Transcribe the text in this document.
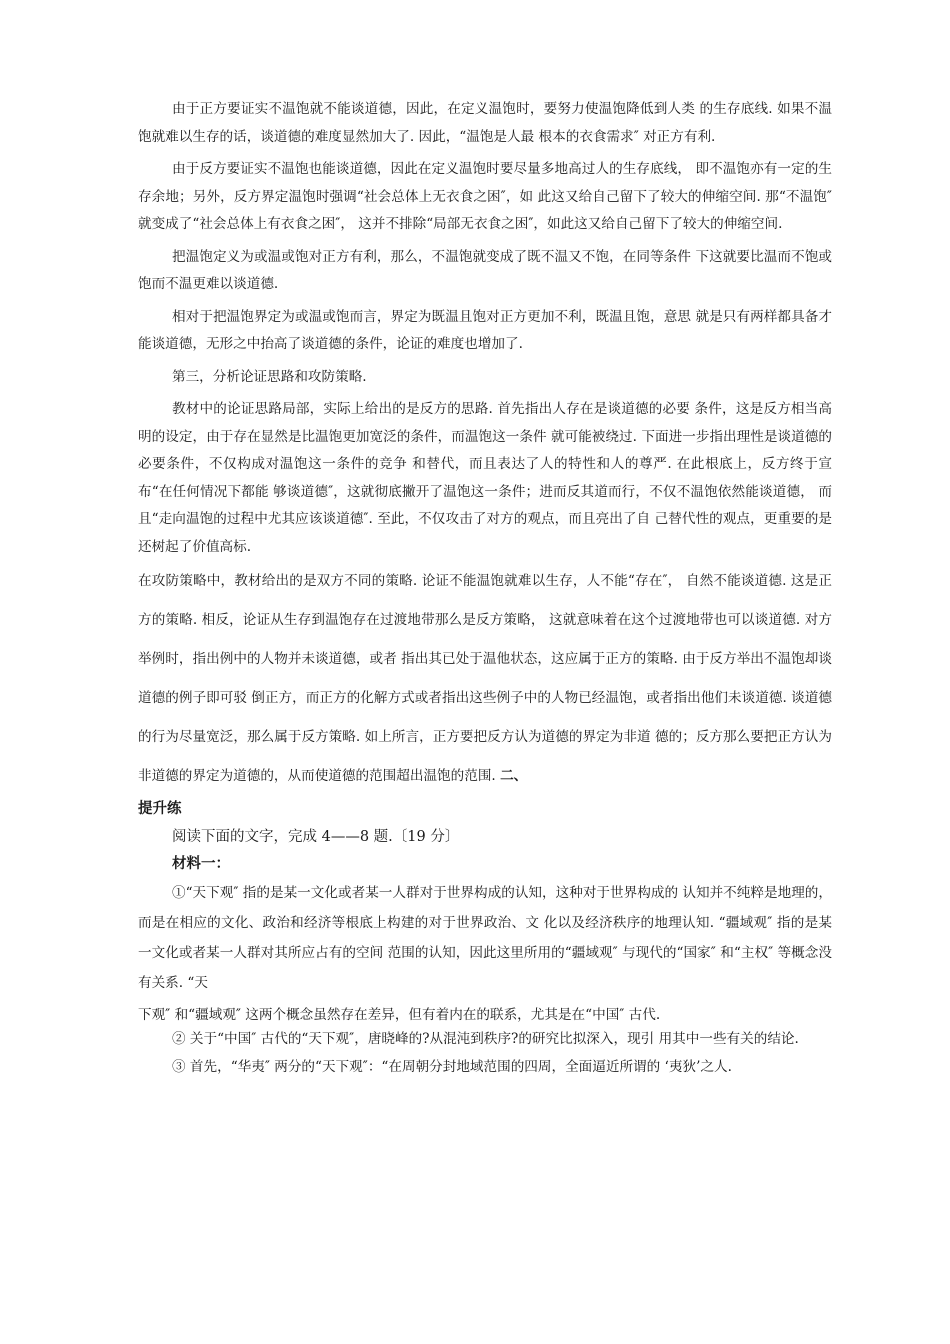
由于正方要证实不温饱就不能谈道德，因此，在定义温饱时，要努力使温饱降低到人类 的生存底线. 如果不温饱就难以生存的话，谈道德的难度显然加大了. 因此，“温饱是人最 根本的衣食需求″ 对正方有利.

由于反方要证实不温饱也能谈道德，因此在定义温饱时要尽量多地高过人的生存底线， 即不温饱亦有一定的生存余地；另外，反方界定温饱时强调“社会总体上无衣食之困″，如 此这又给自己留下了较大的伸缩空间. 那“不温饱″ 就变成了“社会总体上有衣食之困″， 这并不排除“局部无衣食之困″，如此这又给自己留下了较大的伸缩空间.

把温饱定义为或温或饱对正方有利，那么，不温饱就变成了既不温又不饱，在同等条件 下这就要比温而不饱或饱而不温更难以谈道德.

相对于把温饱界定为或温或饱而言，界定为既温且饱对正方更加不利，既温且饱，意思 就是只有两样都具备才能谈道德，无形之中抬高了谈道德的条件，论证的难度也增加了.

第三，分析论证思路和攻防策略.

教材中的论证思路局部，实际上给出的是反方的思路. 首先指出人存在是谈道德的必要 条件，这是反方相当高明的设定，由于存在显然是比温饱更加宽泛的条件，而温饱这一条件 就可能被绕过. 下面进一步指出理性是谈道德的必要条件，不仅构成对温饱这一条件的竞争 和替代，而且表达了人的特性和人的尊严. 在此根底上，反方终于宣布“在任何情况下都能 够谈道德″，这就彻底撇开了温饱这一条件；进而反其道而行，不仅不温饱依然能谈道德， 而且“走向温饱的过程中尤其应该谈道德″. 至此，不仅攻击了对方的观点，而且亮出了自 己替代性的观点，更重要的是还树起了价值高标.

在攻防策略中，教材给出的是双方不同的策略. 论证不能温饱就难以生存，人不能“存在″， 自然不能谈道德. 这是正方的策略. 相反，论证从生存到温饱存在过渡地带那么是反方策略， 这就意味着在这个过渡地带也可以谈道德. 对方举例时，指出例中的人物并未谈道德，或者 指出其已处于温他状态，这应属于正方的策略. 由于反方举出不温饱却谈道德的例子即可驳 倒正方，而正方的化解方式或者指出这些例子中的人物已经温饱，或者指出他们未谈道德. 谈道德的行为尽量宽泛，那么属于反方策略. 如上所言，正方要把反方认为道德的界定为非道 德的；反方那么要把正方认为非道德的界定为道德的，从而使道德的范围超出温饱的范围. 二、

提升练

阅读下面的文字，完成 4——8 题.〔19 分〕

材料一：

①“天下观″ 指的是某一文化或者某一人群对于世界构成的认知，这种对于世界构成的 认知并不纯粹是地理的，而是在相应的文化、政治和经济等根底上构建的对于世界政治、文 化以及经济秩序的地理认知. “疆域观″ 指的是某一文化或者某一人群对其所应占有的空间 范围的认知，因此这里所用的“疆域观″ 与现代的“国家″ 和“主权″ 等概念没有关系. “天

下观″ 和“疆域观″ 这两个概念虽然存在差异，但有着内在的联系，尤其是在“中国″ 古代.

② 关于“中国″ 古代的“天下观″，唐晓峰的?从混沌到秩序?的研究比拟深入，现引 用其中一些有关的结论.

③ 首先，“华夷″ 两分的“天下观″：“在周朝分封地域范围的四周，全面逼近所谓的 ‘夷狄’之人.
